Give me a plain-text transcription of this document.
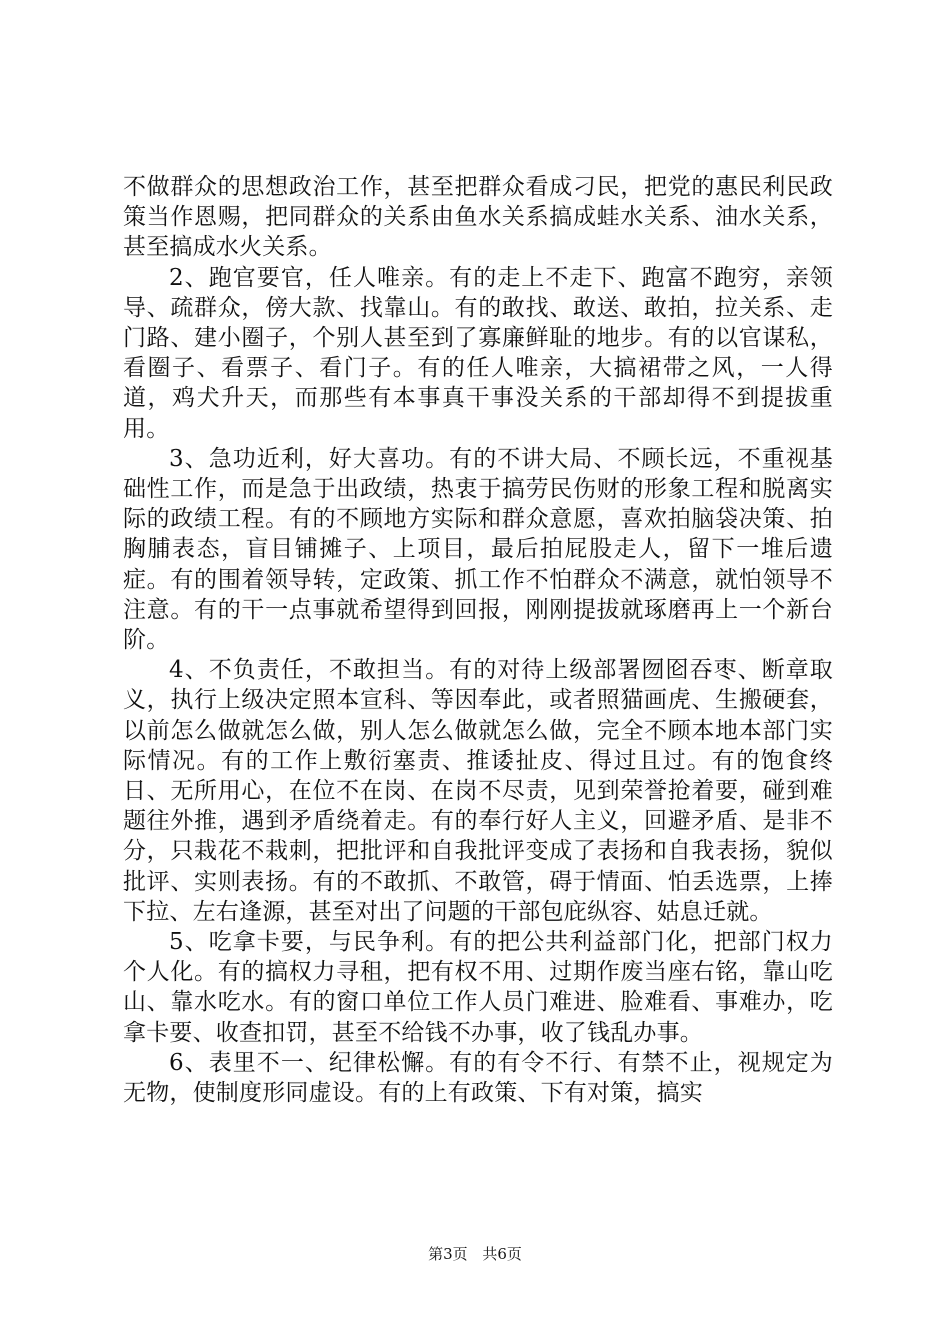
不做群众的思想政治工作，甚至把群众看成刁民，把党的惠民利民政策当作恩赐，把同群众的关系由鱼水关系搞成蛙水关系、油水关系，甚至搞成水火关系。

2、跑官要官，任人唯亲。有的走上不走下、跑富不跑穷，亲领导、疏群众，傍大款、找靠山。有的敢找、敢送、敢拍，拉关系、走门路、建小圈子，个别人甚至到了寡廉鲜耻的地步。有的以官谋私，看圈子、看票子、看门子。有的任人唯亲，大搞裙带之风，一人得道，鸡犬升天，而那些有本事真干事没关系的干部却得不到提拔重用。

3、急功近利，好大喜功。有的不讲大局、不顾长远，不重视基础性工作，而是急于出政绩，热衷于搞劳民伤财的形象工程和脱离实际的政绩工程。有的不顾地方实际和群众意愿，喜欢拍脑袋决策、拍胸脯表态，盲目铺摊子、上项目，最后拍屁股走人，留下一堆后遗症。有的围着领导转，定政策、抓工作不怕群众不满意，就怕领导不注意。有的干一点事就希望得到回报，刚刚提拔就琢磨再上一个新台阶。

4、不负责任，不敢担当。有的对待上级部署囫囵吞枣、断章取义，执行上级决定照本宣科、等因奉此，或者照猫画虎、生搬硬套，以前怎么做就怎么做，别人怎么做就怎么做，完全不顾本地本部门实际情况。有的工作上敷衍塞责、推诿扯皮、得过且过。有的饱食终日、无所用心，在位不在岗、在岗不尽责，见到荣誉抢着要，碰到难题往外推，遇到矛盾绕着走。有的奉行好人主义，回避矛盾、是非不分，只栽花不栽刺，把批评和自我批评变成了表扬和自我表扬，貌似批评、实则表扬。有的不敢抓、不敢管，碍于情面、怕丢选票，上捧下拉、左右逢源，甚至对出了问题的干部包庇纵容、姑息迁就。

5、吃拿卡要，与民争利。有的把公共利益部门化，把部门权力个人化。有的搞权力寻租，把有权不用、过期作废当座右铭，靠山吃山、靠水吃水。有的窗口单位工作人员门难进、脸难看、事难办，吃拿卡要、收查扣罚，甚至不给钱不办事，收了钱乱办事。

6、表里不一、纪律松懈。有的有令不行、有禁不止，视规定为无物，使制度形同虚设。有的上有政策、下有对策，搞实

第3页 共6页
